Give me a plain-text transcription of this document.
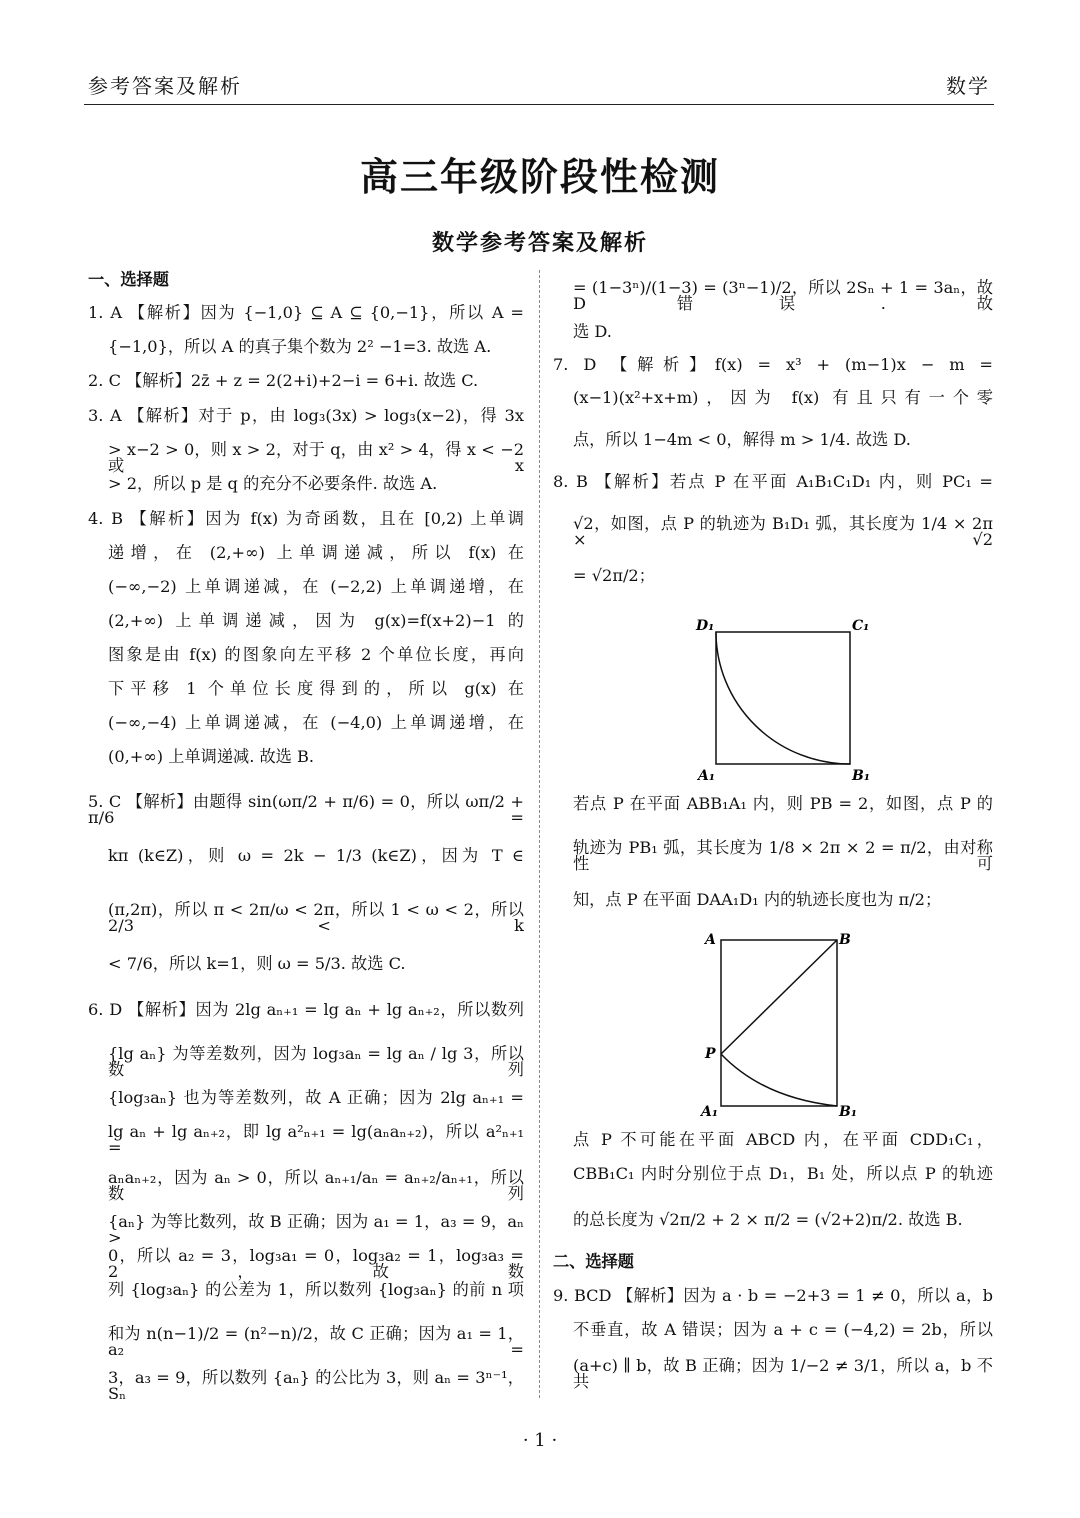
参考答案及解析	数学
高三年级阶段性检测
数学参考答案及解析
一、选择题
1. A 【解析】因为 {−1,0} ⊆ A ⊆ {0,−1}，所以 A =
{−1,0}，所以 A 的真子集个数为 2² −1=3. 故选 A.
2. C 【解析】2z̄ + z = 2(2+i)+2−i = 6+i. 故选 C.
3. A 【解析】对于 p，由 log₃(3x) > log₃(x−2)，得 3x
> x−2 > 0，则 x > 2，对于 q，由 x² > 4，得 x < −2 或 x
> 2，所以 p 是 q 的充分不必要条件. 故选 A.
4. B 【解析】因为 f(x) 为奇函数，且在 [0,2) 上单调
递增，在 (2,+∞) 上单调递减，所以 f(x) 在
(−∞,−2) 上单调递减，在 (−2,2) 上单调递增，在
(2,+∞) 上单调递减，因为 g(x)=f(x+2)−1 的
图象是由 f(x) 的图象向左平移 2 个单位长度，再向
下平移 1 个单位长度得到的，所以 g(x) 在
(−∞,−4) 上单调递减，在 (−4,0) 上单调递增，在
(0,+∞) 上单调递减. 故选 B.
5. C 【解析】由题得 sin(ωπ/2 + π/6) = 0，所以 ωπ/2 + π/6 =
kπ (k∈Z)，则 ω = 2k − 1/3 (k∈Z)，因为 T ∈
(π,2π)，所以 π < 2π/ω < 2π，所以 1 < ω < 2，所以 2/3 < k
< 7/6，所以 k=1，则 ω = 5/3. 故选 C.
6. D 【解析】因为 2lg aₙ₊₁ = lg aₙ + lg aₙ₊₂，所以数列
{lg aₙ} 为等差数列，因为 log₃aₙ = lg aₙ / lg 3，所以数列
{log₃aₙ} 也为等差数列，故 A 正确；因为 2lg aₙ₊₁ =
lg aₙ + lg aₙ₊₂，即 lg a²ₙ₊₁ = lg(aₙaₙ₊₂)，所以 a²ₙ₊₁ =
aₙaₙ₊₂，因为 aₙ > 0，所以 aₙ₊₁/aₙ = aₙ₊₂/aₙ₊₁，所以数列
{aₙ} 为等比数列，故 B 正确；因为 a₁ = 1，a₃ = 9，aₙ >
0，所以 a₂ = 3，log₃a₁ = 0，log₃a₂ = 1，log₃a₃ = 2，故数
列 {log₃aₙ} 的公差为 1，所以数列 {log₃aₙ} 的前 n 项
和为 n(n−1)/2 = (n²−n)/2，故 C 正确；因为 a₁ = 1，a₂ =
3，a₃ = 9，所以数列 {aₙ} 的公比为 3，则 aₙ = 3ⁿ⁻¹，Sₙ
= (1−3ⁿ)/(1−3) = (3ⁿ−1)/2，所以 2Sₙ + 1 = 3aₙ，故 D 错误. 故
选 D.
7. D 【解析】f(x) = x³ + (m−1)x − m =
(x−1)(x²+x+m)，因为 f(x) 有且只有一个零
点，所以 1−4m < 0，解得 m > 1/4. 故选 D.
8. B 【解析】若点 P 在平面 A₁B₁C₁D₁ 内，则 PC₁ =
√2，如图，点 P 的轨迹为 B₁D₁ 弧，其长度为 1/4 × 2π × √2
= √2π/2；
D₁	C₁
A₁	B₁
若点 P 在平面 ABB₁A₁ 内，则 PB = 2，如图，点 P 的
轨迹为 PB₁ 弧，其长度为 1/8 × 2π × 2 = π/2，由对称性可
知，点 P 在平面 DAA₁D₁ 内的轨迹长度也为 π/2；
A	B
P
A₁	B₁
点 P 不可能在平面 ABCD 内，在平面 CDD₁C₁，
CBB₁C₁ 内时分别位于点 D₁，B₁ 处，所以点 P 的轨迹
的总长度为 √2π/2 + 2 × π/2 = (√2+2)π/2. 故选 B.
二、选择题
9. BCD 【解析】因为 a · b = −2+3 = 1 ≠ 0，所以 a，b
不垂直，故 A 错误；因为 a + c = (−4,2) = 2b，所以
(a+c) ∥ b，故 B 正确；因为 1/−2 ≠ 3/1，所以 a，b 不共
· 1 ·
